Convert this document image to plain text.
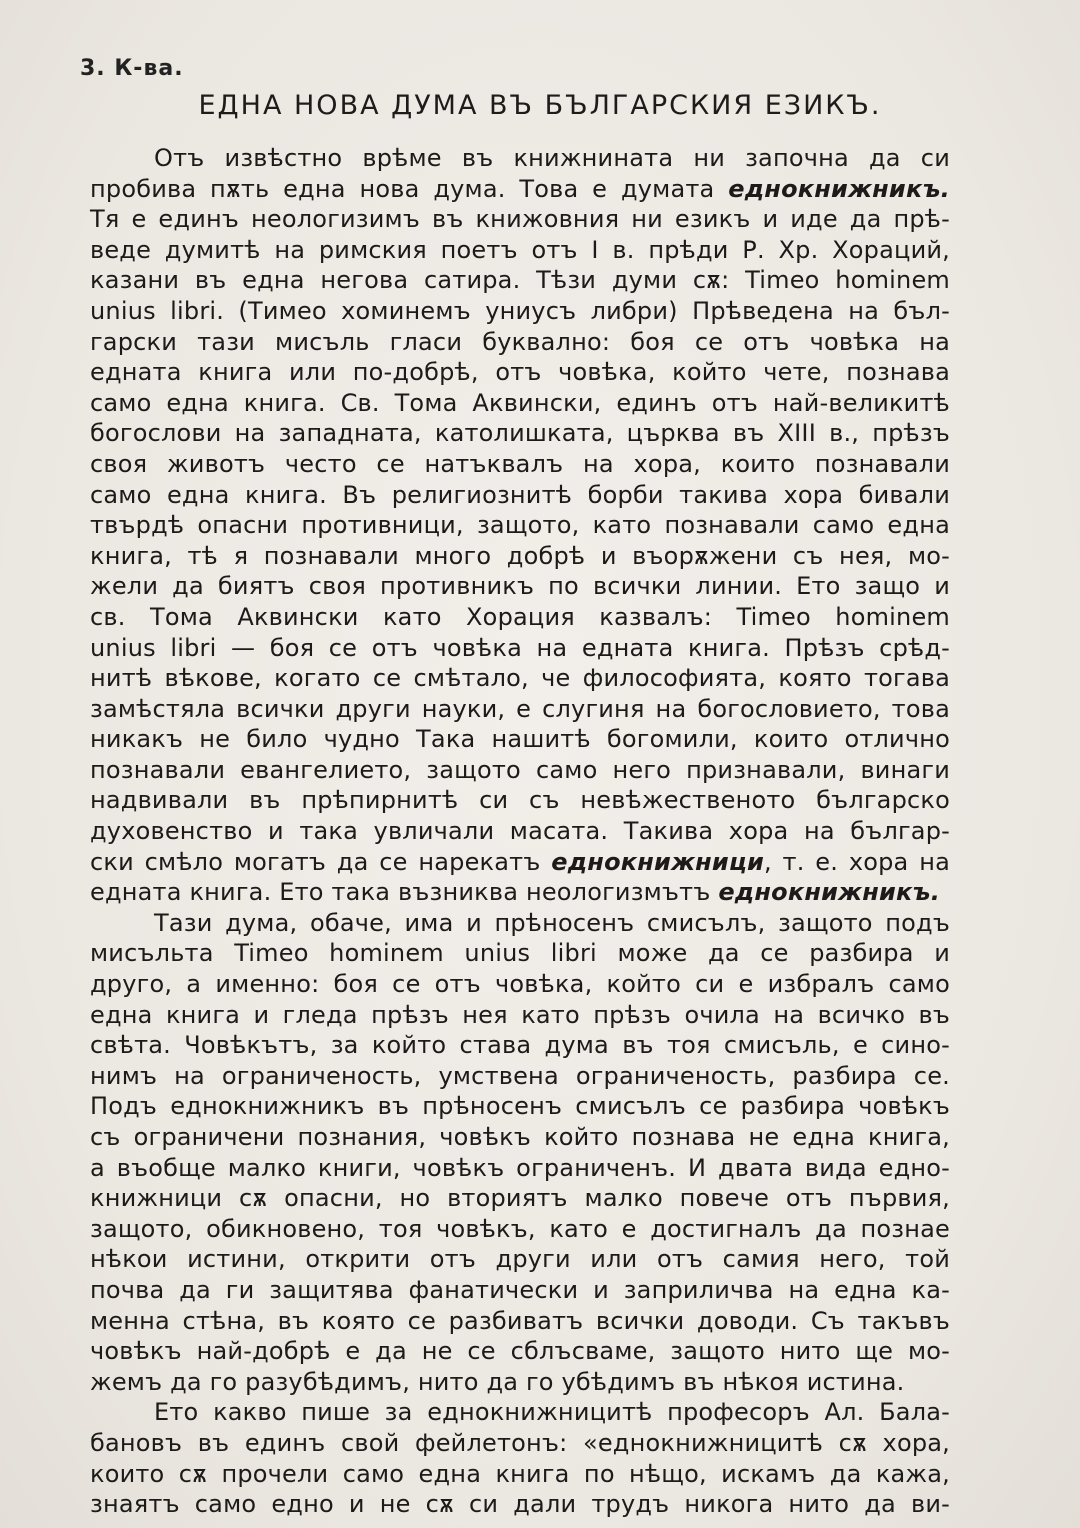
3. К-ва.
ЕДНА НОВА ДУМА ВЪ БЪЛГАРСКИЯ ЕЗИКЪ.
Отъ извѣстно врѣме въ книжнината ни започна да си
пробива пѫть една нова дума. Това е думата еднокнижникъ.
Тя е единъ неологизимъ въ книжовния ни езикъ и иде да прѣ-
веде думитѣ на римския поетъ отъ I в. прѣди Р. Хр. Хораций,
казани въ една негова сатира. Тѣзи думи сѫ: Timeo hominem
unius libri. (Тимео хоминемъ униусъ либри) Прѣведена на бъл-
гарски тази мисъль гласи буквално: боя се отъ човѣка на
едната книга или по-добрѣ, отъ човѣка, който чете, познава
само една книга. Св. Тома Аквински, единъ отъ най-великитѣ
богослови на западната, католишката, църква въ XIII в., прѣзъ
своя животъ често се натъквалъ на хора, които познавали
само една книга. Въ религиознитѣ борби такива хора бивали
твърдѣ опасни противници, защото, като познавали само една
книга, тѣ я познавали много добрѣ и въорѫжени съ нея, мо-
жели да биятъ своя противникъ по всички линии. Ето защо и
св. Тома Аквински като Хорация казвалъ: Timeo hominem
unius libri — боя се отъ човѣка на едната книга. Прѣзъ срѣд-
нитѣ вѣкове, когато се смѣтало, че философията, която тогава
замѣстяла всички други науки, е слугиня на богословието, това
никакъ не било чудно Така нашитѣ богомили, които отлично
познавали евангелието, защото само него признавали, винаги
надвивали въ прѣпирнитѣ си съ невѣжественото българско
духовенство и така увличали масата. Такива хора на българ-
ски смѣло могатъ да се нарекатъ еднокнижници, т. е. хора на
едната книга. Ето така възниква неологизмътъ еднокнижникъ.
Тази дума, обаче, има и прѣносенъ смисълъ, защото подъ
мисъльта Timeo hominem unius libri може да се разбира и
друго, а именно: боя се отъ човѣка, който си е избралъ само
една книга и гледа прѣзъ нея като прѣзъ очила на всичко въ
свѣта. Човѣкътъ, за който става дума въ тоя смисъль, е сино-
нимъ на ограниченость, умствена ограниченость, разбира се.
Подъ еднокнижникъ въ прѣносенъ смисълъ се разбира човѣкъ
съ ограничени познания, човѣкъ който познава не една книга,
а въобще малко книги, човѣкъ ограниченъ. И двата вида едно-
книжници сѫ опасни, но вториятъ малко повече отъ първия,
защото, обикновено, тоя човѣкъ, като е достигналъ да познае
нѣкои истини, открити отъ други или отъ самия него, той
почва да ги защитява фанатически и заприличва на една ка-
менна стѣна, въ която се разбиватъ всички доводи. Съ такъвъ
човѣкъ най-добрѣ е да не се сблъсваме, защото нито ще мо-
жемъ да го разубѣдимъ, нито да го убѣдимъ въ нѣкоя истина.
Ето какво пише за еднокнижницитѣ професоръ Ал. Бала-
бановъ въ единъ свой фейлетонъ: «еднокнижницитѣ сѫ хора,
които сѫ прочели само една книга по нѣщо, искамъ да кажа,
знаятъ само едно и не сѫ си дали трудъ никога нито да ви-
